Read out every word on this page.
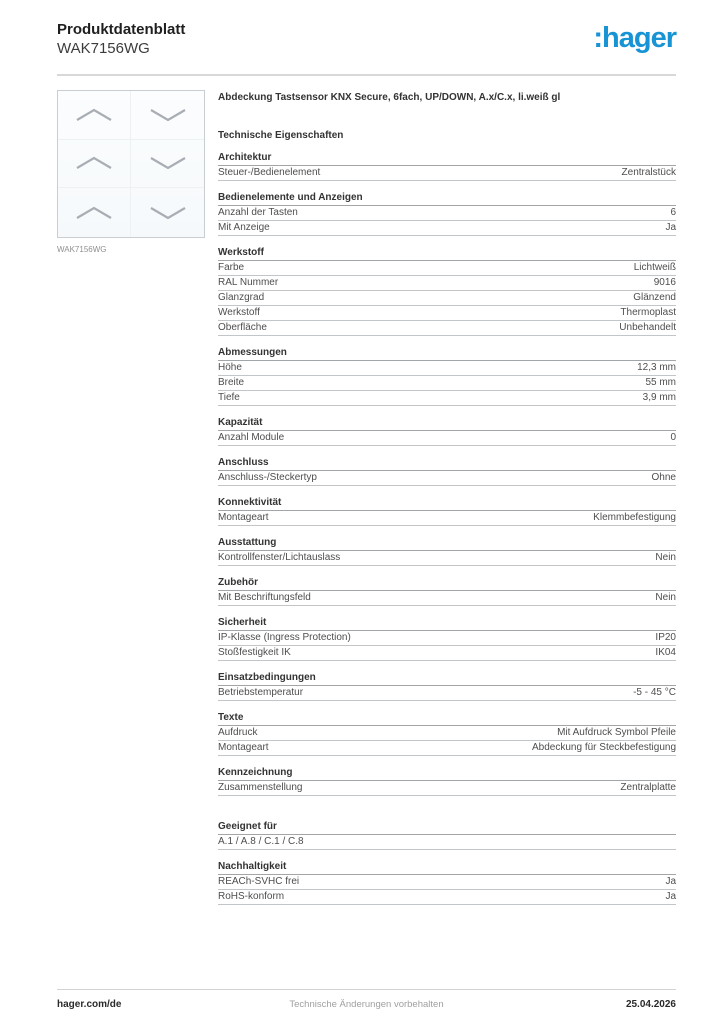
Produktdatenblatt
WAK7156WG	:hager
WAK7156WG
Abdeckung Tastsensor KNX Secure, 6fach, UP/DOWN, A.x/C.x, li.weiß gl
Technische Eigenschaften
Architektur
Steuer-/Bedienelement	Zentralstück
Bedienelemente und Anzeigen
Anzahl der Tasten	6
Mit Anzeige	Ja
Werkstoff
Farbe	Lichtweiß
RAL Nummer	9016
Glanzgrad	Glänzend
Werkstoff	Thermoplast
Oberfläche	Unbehandelt
Abmessungen
Höhe	12,3 mm
Breite	55 mm
Tiefe	3,9 mm
Kapazität
Anzahl Module	0
Anschluss
Anschluss-/Steckertyp	Ohne
Konnektivität
Montageart	Klemmbefestigung
Ausstattung
Kontrollfenster/Lichtauslass	Nein
Zubehör
Mit Beschriftungsfeld	Nein
Sicherheit
IP-Klasse (Ingress Protection)	IP20
Stoßfestigkeit IK	IK04
Einsatzbedingungen
Betriebstemperatur	-5 - 45 °C
Texte
Aufdruck	Mit Aufdruck Symbol Pfeile
Montageart	Abdeckung für Steckbefestigung
Kennzeichnung
Zusammenstellung	Zentralplatte
Geeignet für
A.1 / A.8 / C.1 / C.8
Nachhaltigkeit
REACh-SVHC frei	Ja
RoHS-konform	Ja
Technische Änderungen vorbehalten
hager.com/de	25.04.2026
